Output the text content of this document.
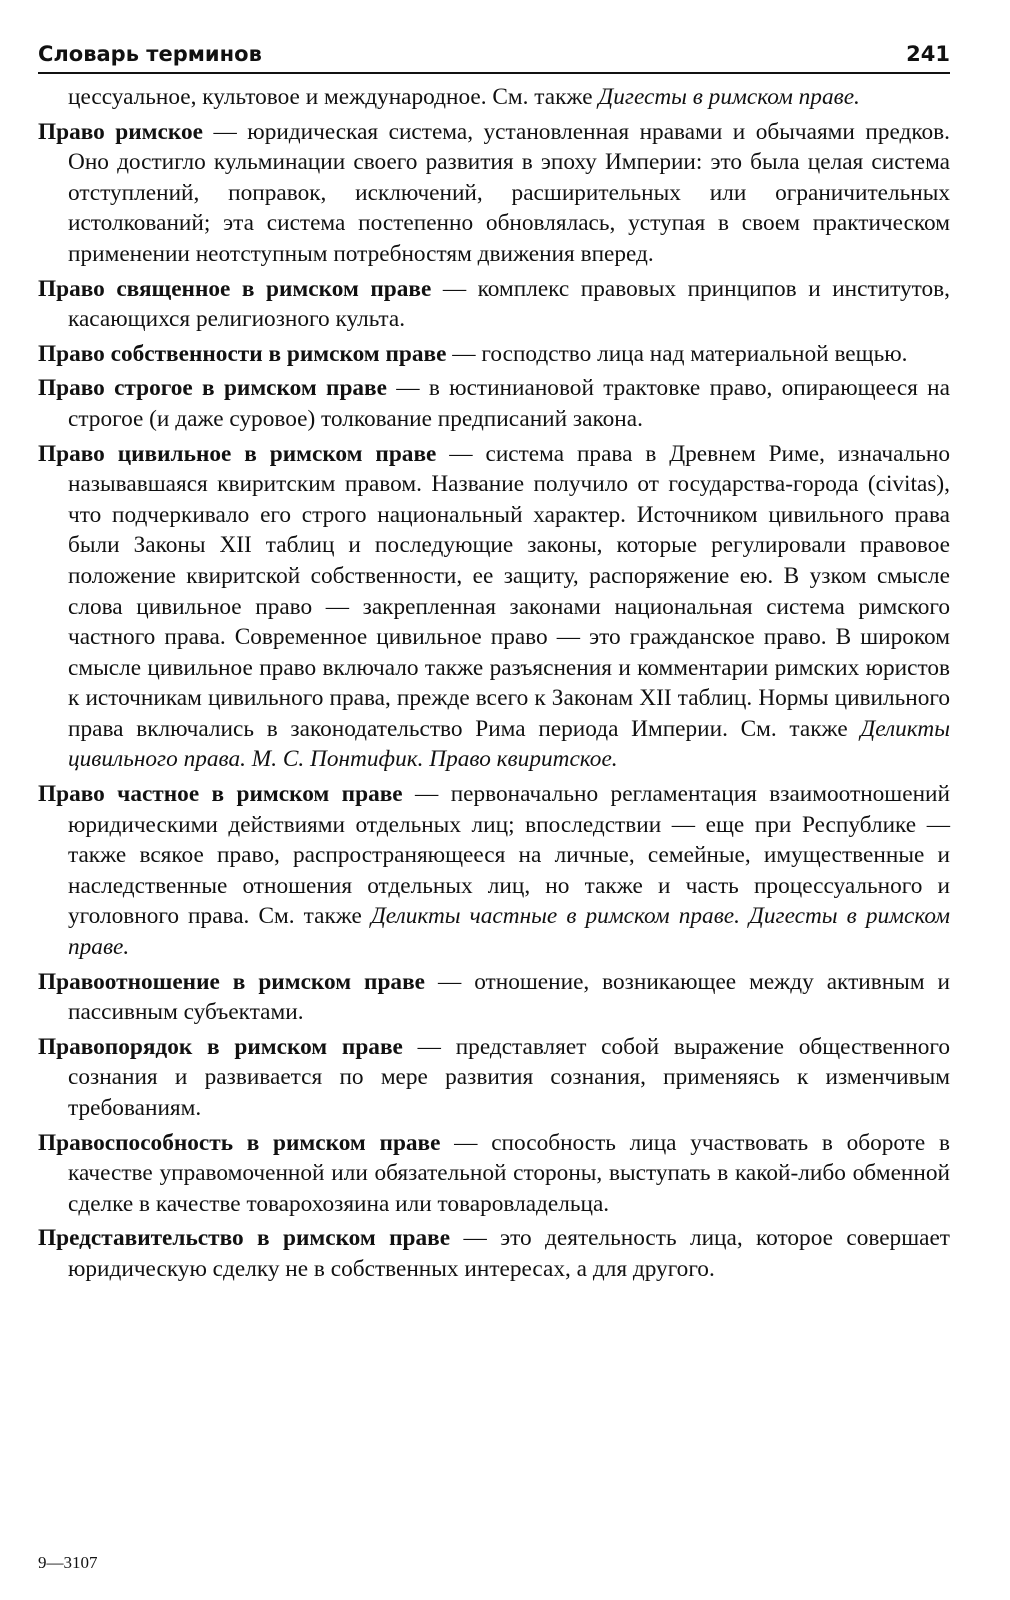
Словарь терминов	241

цессуальное, культовое и международное. См. также Дигесты в римском праве.

Право римское — юридическая система, установленная нравами и обычаями предков. Оно достигло кульминации своего развития в эпоху Империи: это была целая система отступлений, поправок, исключений, расширительных или ограничительных истолкований; эта система постепенно обновлялась, уступая в своем практическом применении неотступным потребностям движения вперед.

Право священное в римском праве — комплекс правовых принципов и институтов, касающихся религиозного культа.

Право собственности в римском праве — господство лица над материальной вещью.

Право строгое в римском праве — в юстиниановой трактовке право, опирающееся на строгое (и даже суровое) толкование предписаний закона.

Право цивильное в римском праве — система права в Древнем Риме, изначально называвшаяся квиритским правом. Название получило от государства-города (civitas), что подчеркивало его строго национальный характер. Источником цивильного права были Законы XII таблиц и последующие законы, которые регулировали правовое положение квиритской собственности, ее защиту, распоряжение ею. В узком смысле слова цивильное право — закрепленная законами национальная система римского частного права. Современное цивильное право — это гражданское право. В широком смысле цивильное право включало также разъяснения и комментарии римских юристов к источникам цивильного права, прежде всего к Законам XII таблиц. Нормы цивильного права включались в законодательство Рима периода Империи. См. также Деликты цивильного права. М. С. Понтифик. Право квиритское.

Право частное в римском праве — первоначально регламентация взаимоотношений юридическими действиями отдельных лиц; впоследствии — еще при Республике — также всякое право, распространяющееся на личные, семейные, имущественные и наследственные отношения отдельных лиц, но также и часть процессуального и уголовного права. См. также Деликты частные в римском праве. Дигесты в римском праве.

Правоотношение в римском праве — отношение, возникающее между активным и пассивным субъектами.

Правопорядок в римском праве — представляет собой выражение общественного сознания и развивается по мере развития сознания, применяясь к изменчивым требованиям.

Правоспособность в римском праве — способность лица участвовать в обороте в качестве управомоченной или обязательной стороны, выступать в какой-либо обменной сделке в качестве товарохозяина или товаровладельца.

Представительство в римском праве — это деятельность лица, которое совершает юридическую сделку не в собственных интересах, а для другого.

9—3107
